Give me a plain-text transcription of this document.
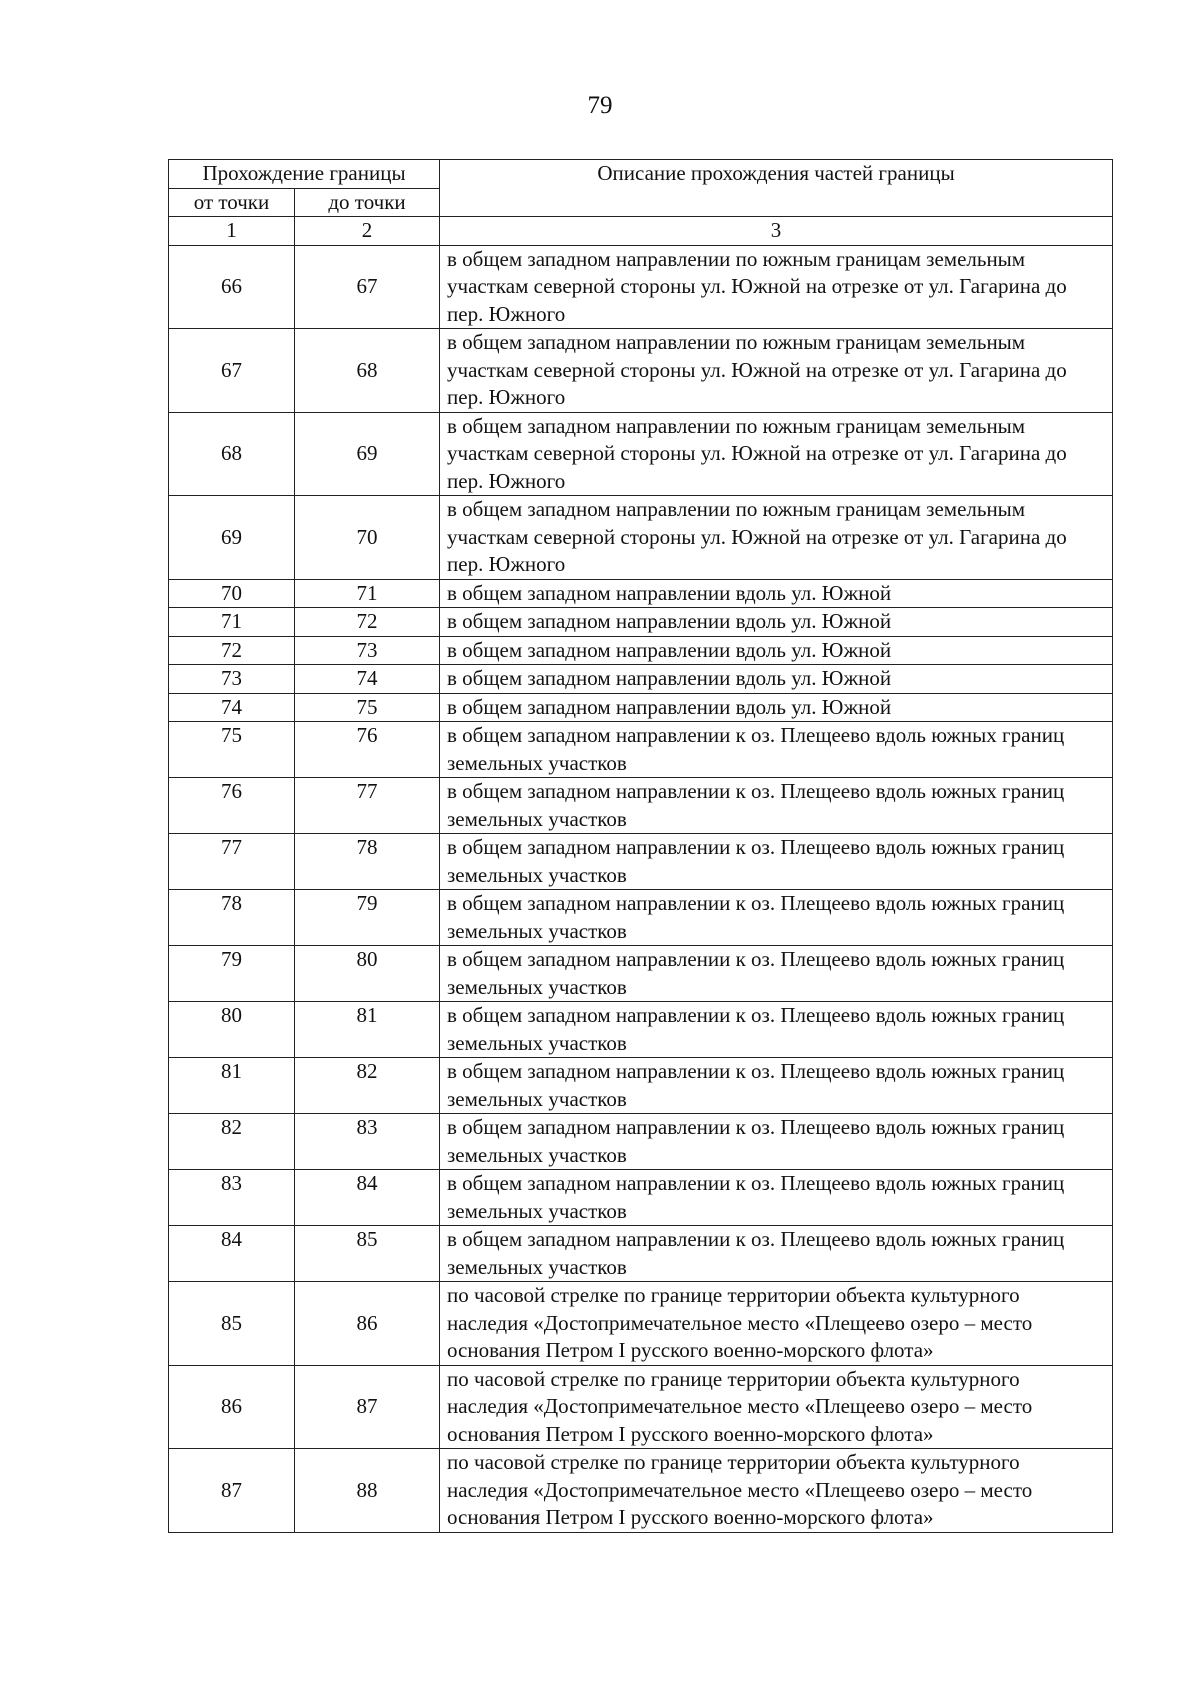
79
Прохождение границы		Описание прохождения частей границы
от точки	до точки	
1	2	3
66	67	в общем западном направлении по южным границам земельным участкам северной стороны ул. Южной на отрезке от ул. Гагарина до пер. Южного
67	68	в общем западном направлении по южным границам земельным участкам северной стороны ул. Южной на отрезке от ул. Гагарина до пер. Южного
68	69	в общем западном направлении по южным границам земельным участкам северной стороны ул. Южной на отрезке от ул. Гагарина до пер. Южного
69	70	в общем западном направлении по южным границам земельным участкам северной стороны ул. Южной на отрезке от ул. Гагарина до пер. Южного
70	71	в общем западном направлении вдоль ул. Южной
71	72	в общем западном направлении вдоль ул. Южной
72	73	в общем западном направлении вдоль ул. Южной
73	74	в общем западном направлении вдоль ул. Южной
74	75	в общем западном направлении вдоль ул. Южной
75	76	в общем западном направлении к оз. Плещеево вдоль южных границ земельных участков
76	77	в общем западном направлении к оз. Плещеево вдоль южных границ земельных участков
77	78	в общем западном направлении к оз. Плещеево вдоль южных границ земельных участков
78	79	в общем западном направлении к оз. Плещеево вдоль южных границ земельных участков
79	80	в общем западном направлении к оз. Плещеево вдоль южных границ земельных участков
80	81	в общем западном направлении к оз. Плещеево вдоль южных границ земельных участков
81	82	в общем западном направлении к оз. Плещеево вдоль южных границ земельных участков
82	83	в общем западном направлении к оз. Плещеево вдоль южных границ земельных участков
83	84	в общем западном направлении к оз. Плещеево вдоль южных границ земельных участков
84	85	в общем западном направлении к оз. Плещеево вдоль южных границ земельных участков
85	86	по часовой стрелке по границе территории объекта культурного наследия «Достопримечательное место «Плещеево озеро – место основания Петром I русского военно-морского флота»
86	87	по часовой стрелке по границе территории объекта культурного наследия «Достопримечательное место «Плещеево озеро – место основания Петром I русского военно-морского флота»
87	88	по часовой стрелке по границе территории объекта культурного наследия «Достопримечательное место «Плещеево озеро – место основания Петром I русского военно-морского флота»
